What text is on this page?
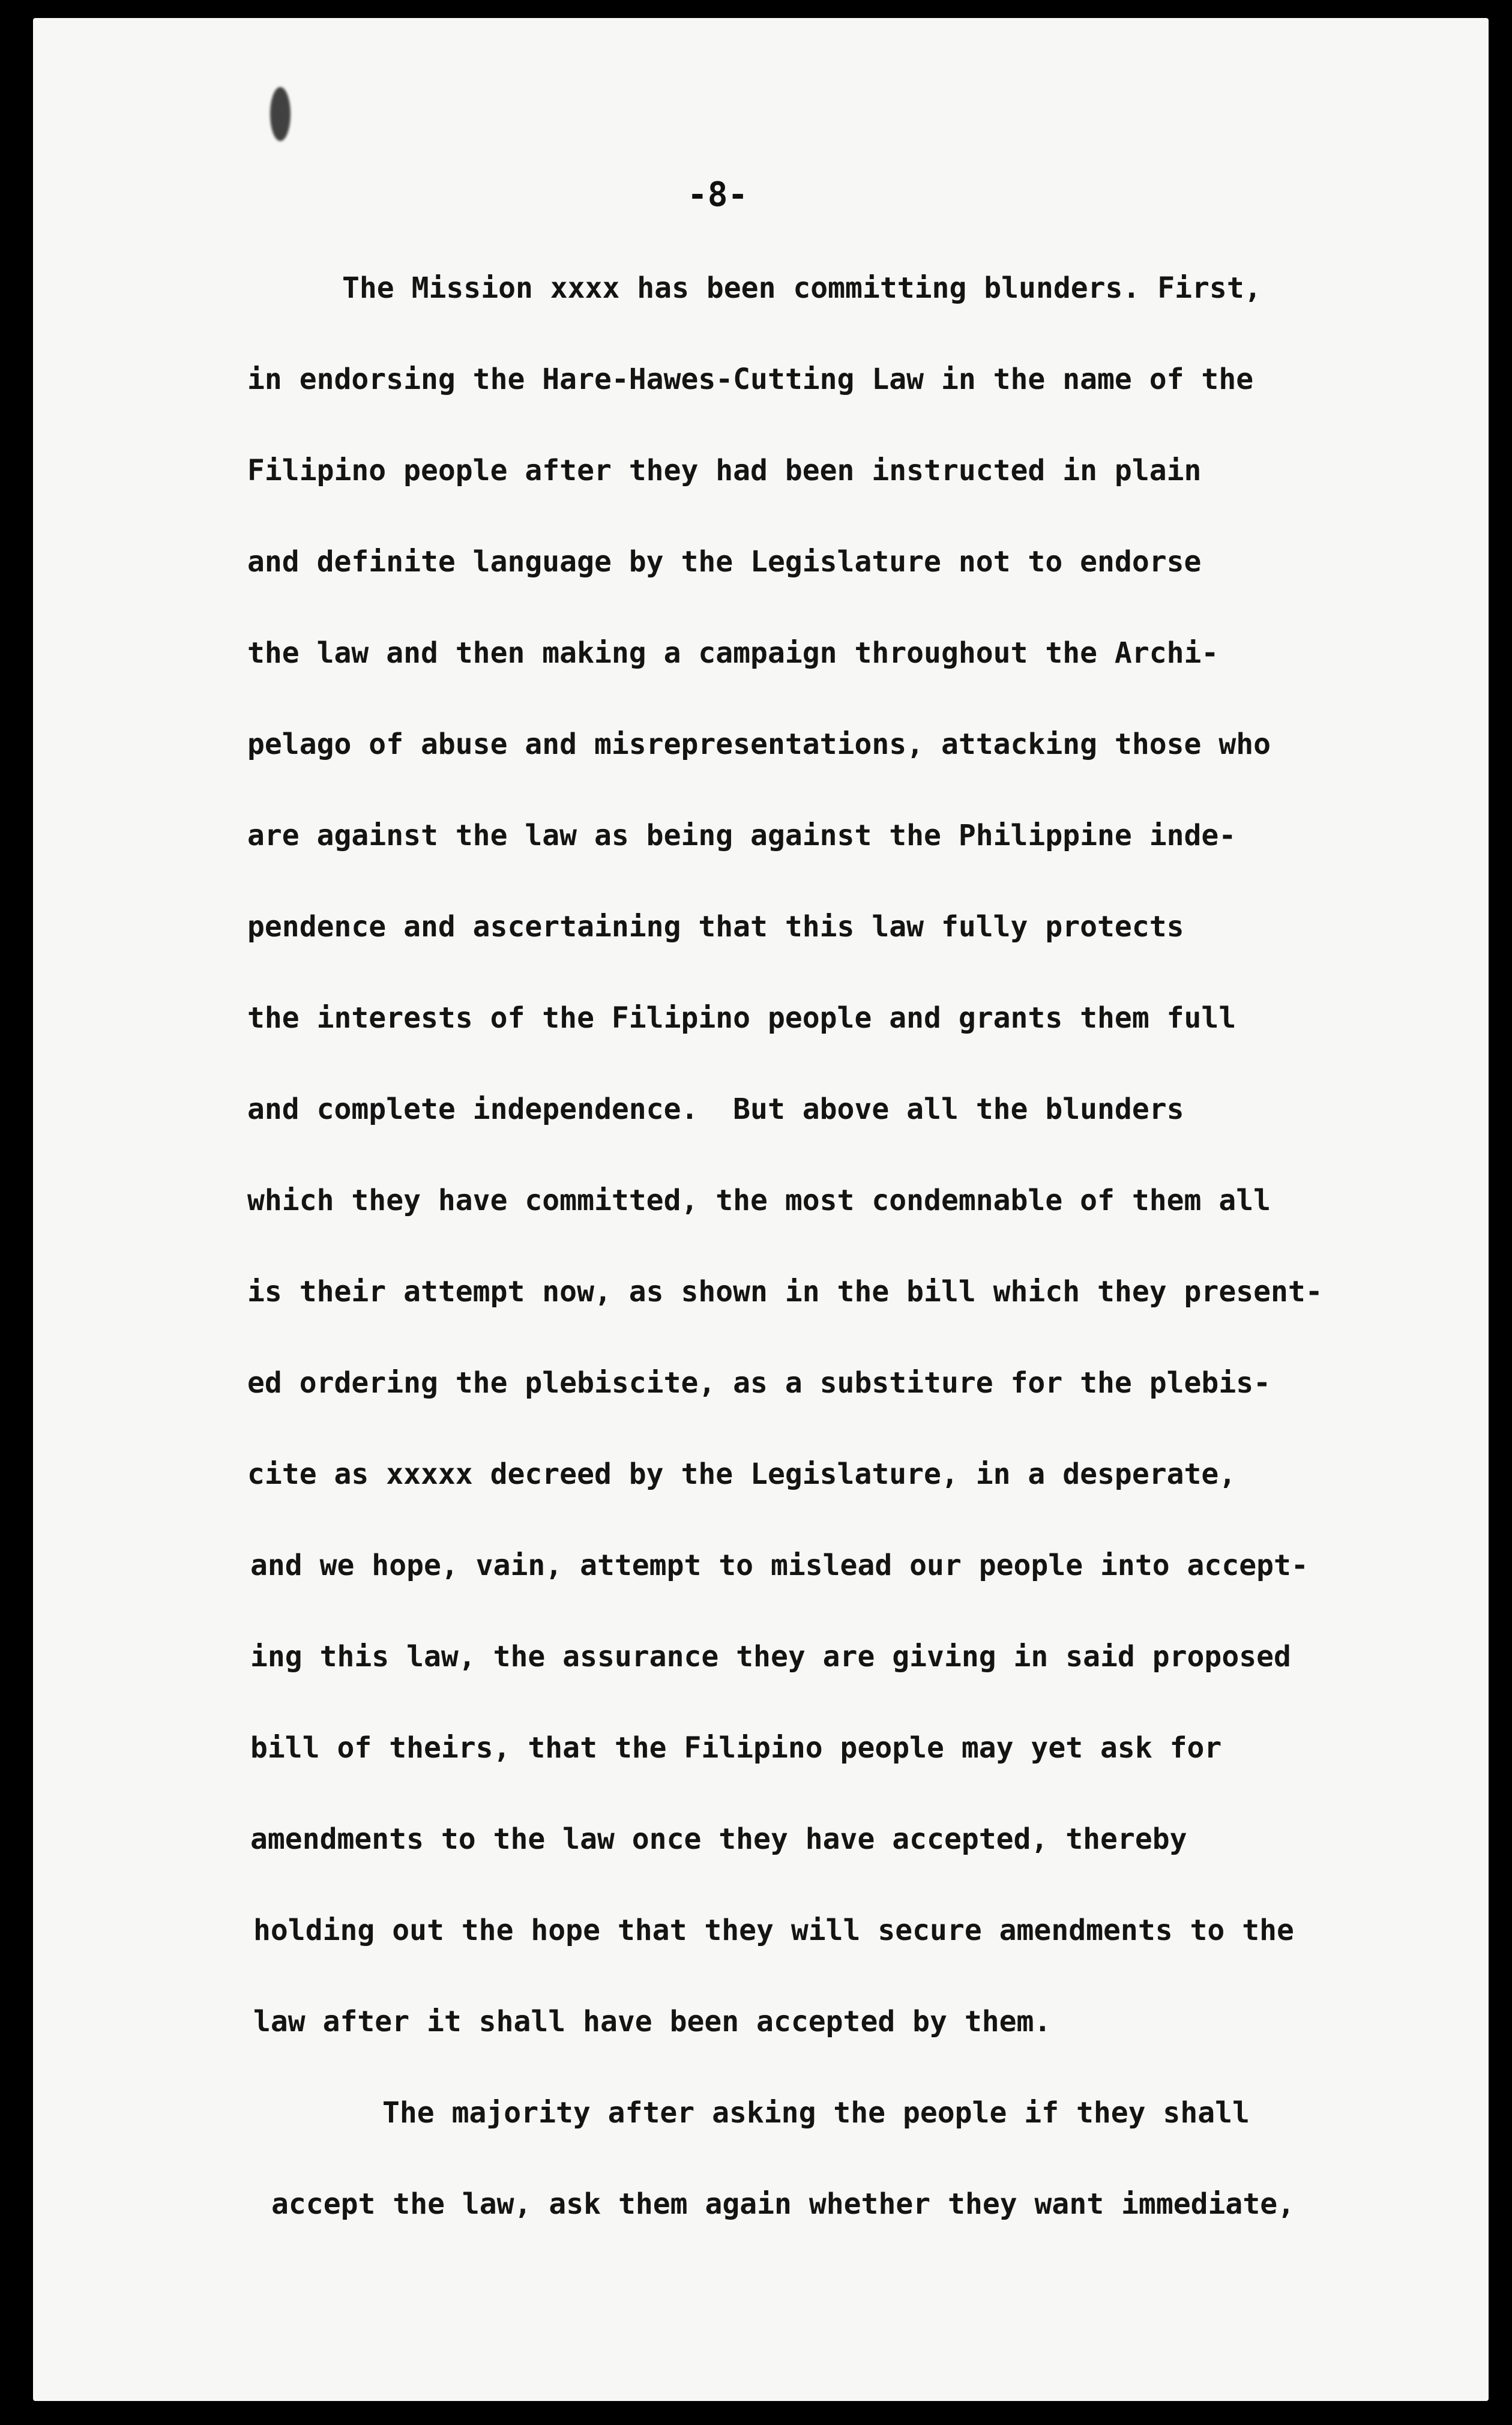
-8-
The Mission xxxx has been committing blunders. First,
in endorsing the Hare-Hawes-Cutting Law in the name of the
Filipino people after they had been instructed in plain
and definite language by the Legislature not to endorse
the law and then making a campaign throughout the Archi-
pelago of abuse and misrepresentations, attacking those who
are against the law as being against the Philippine inde-
pendence and ascertaining that this law fully protects
the interests of the Filipino people and grants them full
and complete independence.  But above all the blunders
which they have committed, the most condemnable of them all
is their attempt now, as shown in the bill which they present-
ed ordering the plebiscite, as a substiture for the plebis-
cite as xxxxx decreed by the Legislature, in a desperate,
and we hope, vain, attempt to mislead our people into accept-
ing this law, the assurance they are giving in said proposed
bill of theirs, that the Filipino people may yet ask for
amendments to the law once they have accepted, thereby
holding out the hope that they will secure amendments to the
law after it shall have been accepted by them.
The majority after asking the people if they shall
accept the law, ask them again whether they want immediate,
